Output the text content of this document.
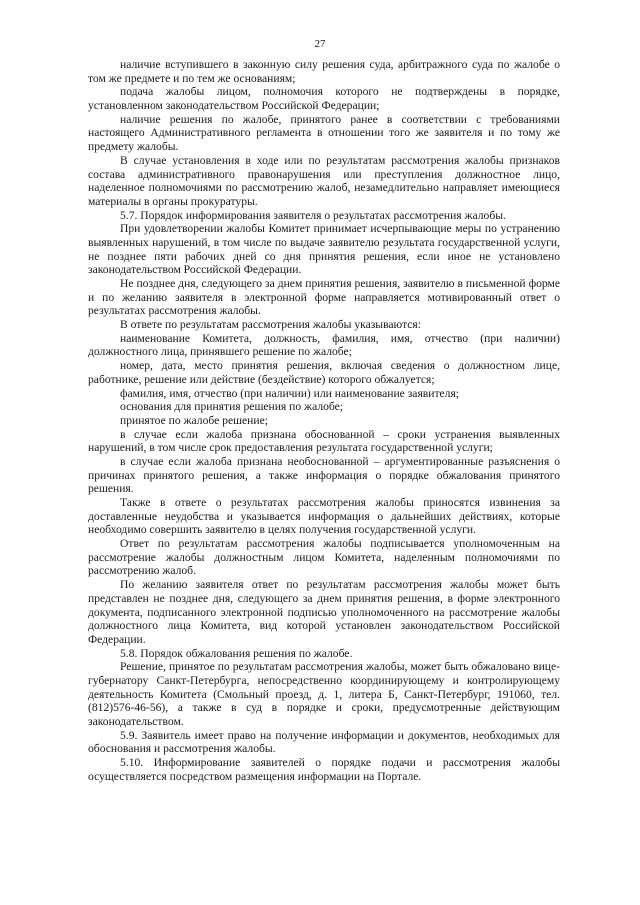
27

наличие вступившего в законную силу решения суда, арбитражного суда по жалобе о том же предмете и по тем же основаниям;

подача жалобы лицом, полномочия которого не подтверждены в порядке, установленном законодательством Российской Федерации;

наличие решения по жалобе, принятого ранее в соответствии с требованиями настоящего Административного регламента в отношении того же заявителя и по тому же предмету жалобы.

В случае установления в ходе или по результатам рассмотрения жалобы признаков состава административного правонарушения или преступления должностное лицо, наделенное полномочиями по рассмотрению жалоб, незамедлительно направляет имеющиеся материалы в органы прокуратуры.

5.7. Порядок информирования заявителя о результатах рассмотрения жалобы.

При удовлетворении жалобы Комитет принимает исчерпывающие меры по устранению выявленных нарушений, в том числе по выдаче заявителю результата государственной услуги, не позднее пяти рабочих дней со дня принятия решения, если иное не установлено законодательством Российской Федерации.

Не позднее дня, следующего за днем принятия решения, заявителю в письменной форме и по желанию заявителя в электронной форме направляется мотивированный ответ о результатах рассмотрения жалобы.

В ответе по результатам рассмотрения жалобы указываются:

наименование Комитета, должность, фамилия, имя, отчество (при наличии) должностного лица, принявшего решение по жалобе;

номер, дата, место принятия решения, включая сведения о должностном лице, работнике, решение или действие (бездействие) которого обжалуется;

фамилия, имя, отчество (при наличии) или наименование заявителя;

основания для принятия решения по жалобе;

принятое по жалобе решение;

в случае если жалоба признана обоснованной – сроки устранения выявленных нарушений, в том числе срок предоставления результата государственной услуги;

в случае если жалоба признана необоснованной – аргументированные разъяснения о причинах принятого решения, а также информация о порядке обжалования принятого решения.

Также в ответе о результатах рассмотрения жалобы приносятся извинения за доставленные неудобства и указывается информация о дальнейших действиях, которые необходимо совершить заявителю в целях получения государственной услуги.

Ответ по результатам рассмотрения жалобы подписывается уполномоченным на рассмотрение жалобы должностным лицом Комитета, наделенным полномочиями по рассмотрению жалоб.

По желанию заявителя ответ по результатам рассмотрения жалобы может быть представлен не позднее дня, следующего за днем принятия решения, в форме электронного документа, подписанного электронной подписью уполномоченного на рассмотрение жалобы должностного лица Комитета, вид которой установлен законодательством Российской Федерации.

5.8. Порядок обжалования решения по жалобе.

Решение, принятое по результатам рассмотрения жалобы, может быть обжаловано вице-губернатору Санкт-Петербурга, непосредственно координирующему и контролирующему деятельность Комитета (Смольный проезд, д. 1, литера Б, Санкт-Петербург, 191060, тел. (812)576-46-56), а также в суд в порядке и сроки, предусмотренные действующим законодательством.

5.9. Заявитель имеет право на получение информации и документов, необходимых для обоснования и рассмотрения жалобы.

5.10. Информирование заявителей о порядке подачи и рассмотрения жалобы осуществляется посредством размещения информации на Портале.
